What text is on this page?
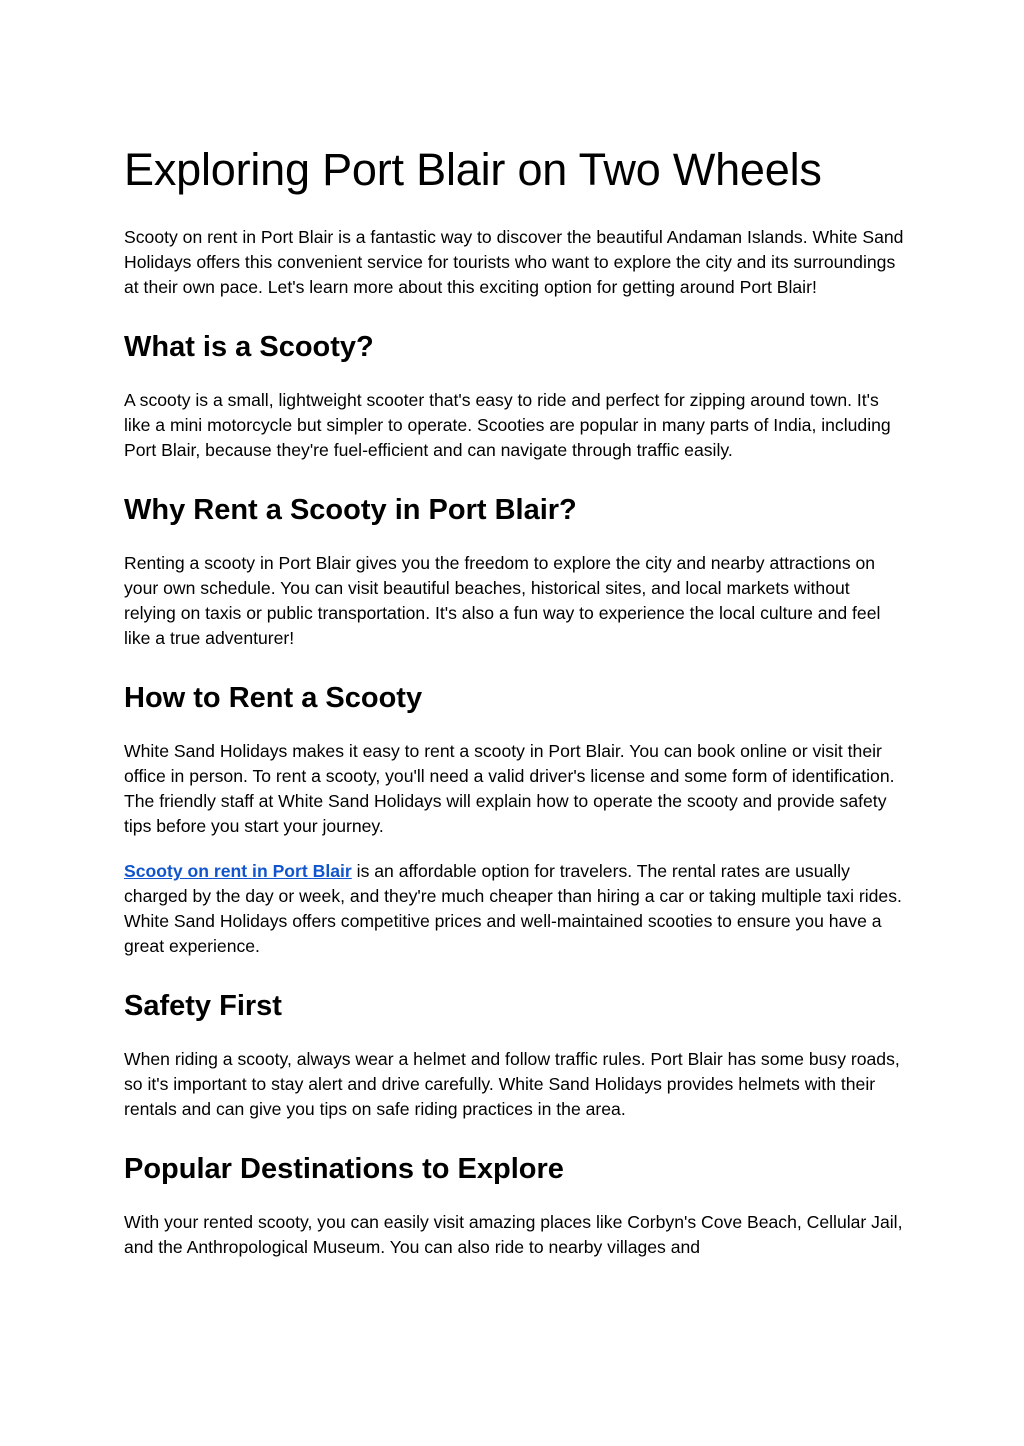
Exploring Port Blair on Two Wheels

Scooty on rent in Port Blair is a fantastic way to discover the beautiful Andaman Islands. White Sand Holidays offers this convenient service for tourists who want to explore the city and its surroundings at their own pace. Let's learn more about this exciting option for getting around Port Blair!

What is a Scooty?

A scooty is a small, lightweight scooter that's easy to ride and perfect for zipping around town. It's like a mini motorcycle but simpler to operate. Scooties are popular in many parts of India, including Port Blair, because they're fuel-efficient and can navigate through traffic easily.

Why Rent a Scooty in Port Blair?

Renting a scooty in Port Blair gives you the freedom to explore the city and nearby attractions on your own schedule. You can visit beautiful beaches, historical sites, and local markets without relying on taxis or public transportation. It's also a fun way to experience the local culture and feel like a true adventurer!

How to Rent a Scooty

White Sand Holidays makes it easy to rent a scooty in Port Blair. You can book online or visit their office in person. To rent a scooty, you'll need a valid driver's license and some form of identification. The friendly staff at White Sand Holidays will explain how to operate the scooty and provide safety tips before you start your journey.

Scooty on rent in Port Blair is an affordable option for travelers. The rental rates are usually charged by the day or week, and they're much cheaper than hiring a car or taking multiple taxi rides. White Sand Holidays offers competitive prices and well-maintained scooties to ensure you have a great experience.

Safety First

When riding a scooty, always wear a helmet and follow traffic rules. Port Blair has some busy roads, so it's important to stay alert and drive carefully. White Sand Holidays provides helmets with their rentals and can give you tips on safe riding practices in the area.

Popular Destinations to Explore

With your rented scooty, you can easily visit amazing places like Corbyn's Cove Beach, Cellular Jail, and the Anthropological Museum. You can also ride to nearby villages and
